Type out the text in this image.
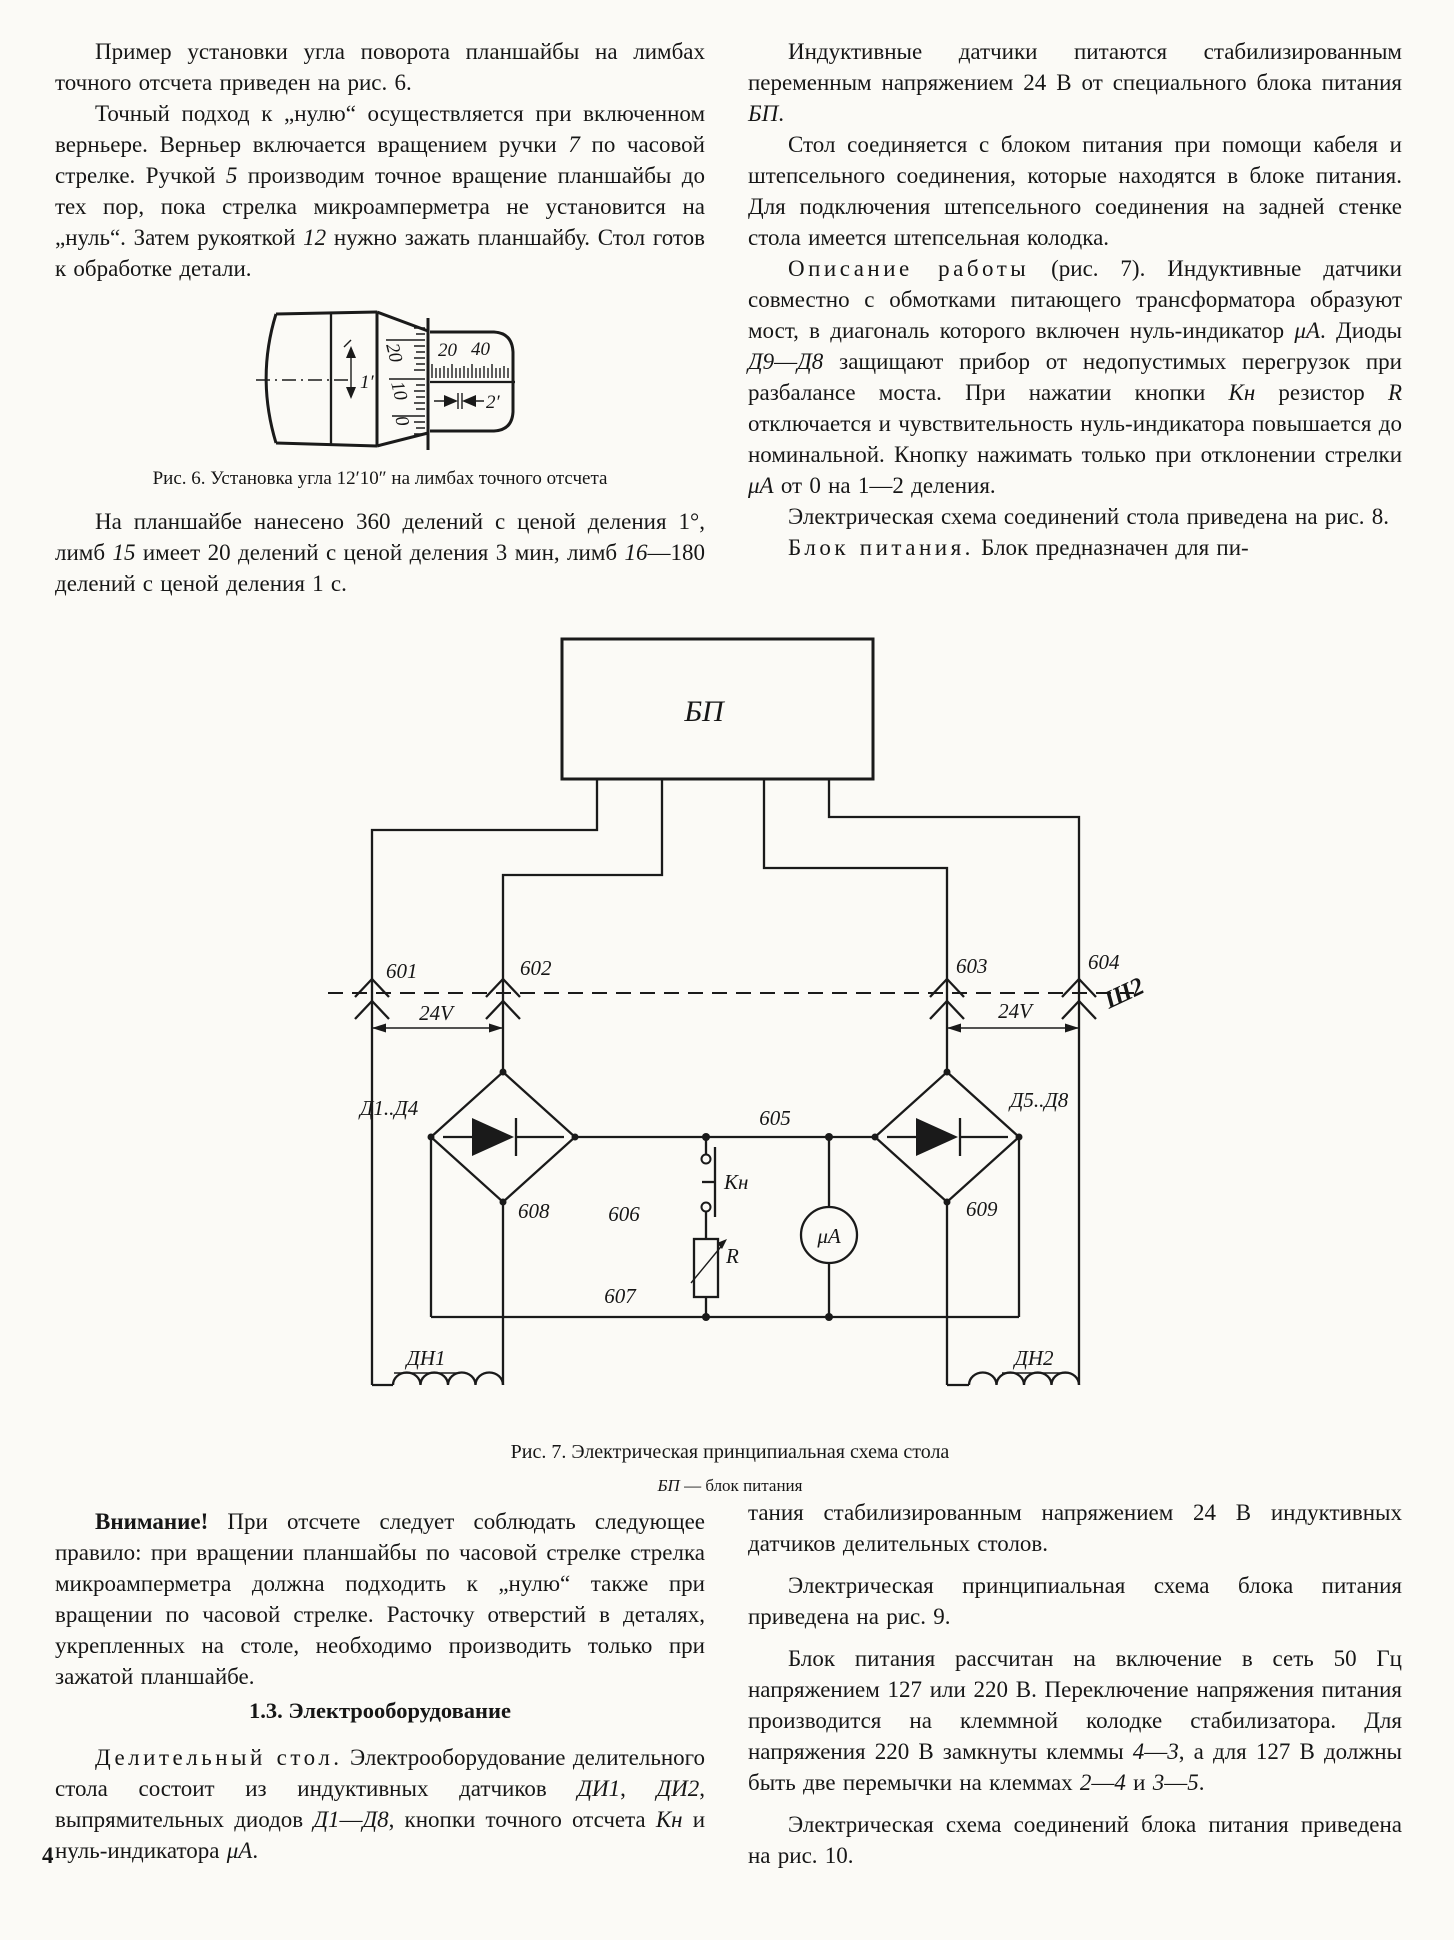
Пример установки угла поворота планшайбы на лимбах точного отсчета приведен на рис. 6.

Точный подход к „нулю“ осуществляется при включенном верньере. Верньер включается вращением ручки 7 по часовой стрелке. Ручкой 5 производим точное вращение планшайбы до тех пор, пока стрелка микроамперметра не установится на „нуль“. Затем рукояткой 12 нужно зажать планшайбу. Стол готов к обработке детали.

1′
20
10
0
20 40
2′
Рис. 6. Установка угла 12′10″ на лимбах точного отсчета

На планшайбе нанесено 360 делений с ценой деления 1°, лимб 15 имеет 20 делений с ценой деления 3 мин, лимб 16—180 делений с ценой деления 1 с.

Индуктивные датчики питаются стабилизированным переменным напряжением 24 В от специального блока питания БП.

Стол соединяется с блоком питания при помощи кабеля и штепсельного соединения, которые находятся в блоке питания. Для подключения штепсельного соединения на задней стенке стола имеется штепсельная колодка.

Описание работы (рис. 7). Индуктивные датчики совместно с обмотками питающего трансформатора образуют мост, в диагональ которого включен нуль-индикатор μА. Диоды Д9—Д8 защищают прибор от недопустимых перегрузок при разбалансе моста. При нажатии кнопки Кн резистор R отключается и чувствительность нуль-индикатора повышается до номинальной. Кнопку нажимать только при отклонении стрелки μА от 0 на 1—2 деления.

Электрическая схема соединений стола приведена на рис. 8.

Блок питания. Блок предназначен для пи-

БП
601	602	603	604
Ш2
24V	24V
Д1..Д4
608
Д5..Д8
609
605
607
Кн
606
R
μА
ДН1	ДН2
Рис. 7. Электрическая принципиальная схема стола
БП — блок питания

Внимание! При отсчете следует соблюдать следующее правило: при вращении планшайбы по часовой стрелке стрелка микроамперметра должна подходить к „нулю“ также при вращении по часовой стрелке. Расточку отверстий в деталях, укрепленных на столе, необходимо производить только при зажатой планшайбе.

1.3. Электрооборудование

Делительный стол. Электрооборудование делительного стола состоит из индуктивных датчиков ДИ1, ДИ2, выпрямительных диодов Д1—Д8, кнопки точного отсчета Кн и нуль-индикатора μА.

тания стабилизированным напряжением 24 В индуктивных датчиков делительных столов.

Электрическая принципиальная схема блока питания приведена на рис. 9.

Блок питания рассчитан на включение в сеть 50 Гц напряжением 127 или 220 В. Переключение напряжения питания производится на клеммной колодке стабилизатора. Для напряжения 220 В замкнуты клеммы 4—3, а для 127 В должны быть две перемычки на клеммах 2—4 и 3—5.

Электрическая схема соединений блока питания приведена на рис. 10.

4
